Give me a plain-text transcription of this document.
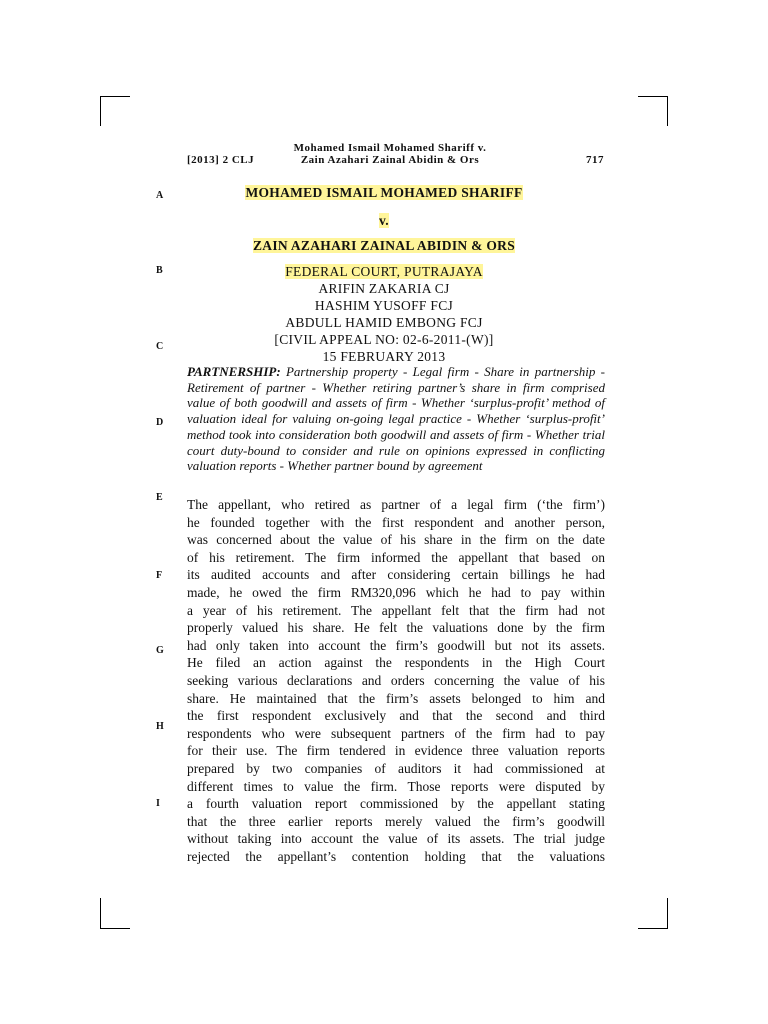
[2013] 2 CLJ
Mohamed Ismail Mohamed Shariff v.
Zain Azahari Zainal Abidin & Ors	717
A
B
C
D
E
F
G
H
I
MOHAMED ISMAIL MOHAMED SHARIFF
v.
ZAIN AZAHARI ZAINAL ABIDIN & ORS
FEDERAL COURT, PUTRAJAYA
ARIFIN ZAKARIA CJ
HASHIM YUSOFF FCJ
ABDULL HAMID EMBONG FCJ
[CIVIL APPEAL NO: 02-6-2011-(W)]
15 FEBRUARY 2013
PARTNERSHIP: Partnership property - Legal firm - Share in partnership - Retirement of partner - Whether retiring partner’s share in firm comprised value of both goodwill and assets of firm - Whether ‘surplus-profit’ method of valuation ideal for valuing on-going legal practice - Whether ‘surplus-profit’ method took into consideration both goodwill and assets of firm - Whether trial court duty-bound to consider and rule on opinions expressed in conflicting valuation reports - Whether partner bound by agreement
The appellant, who retired as partner of a legal firm (‘the firm’)
he founded together with the first respondent and another person,
was concerned about the value of his share in the firm on the date
of his retirement. The firm informed the appellant that based on
its audited accounts and after considering certain billings he had
made, he owed the firm RM320,096 which he had to pay within
a year of his retirement. The appellant felt that the firm had not
properly valued his share. He felt the valuations done by the firm
had only taken into account the firm’s goodwill but not its assets.
He filed an action against the respondents in the High Court
seeking various declarations and orders concerning the value of his
share. He maintained that the firm’s assets belonged to him and
the first respondent exclusively and that the second and third
respondents who were subsequent partners of the firm had to pay
for their use. The firm tendered in evidence three valuation reports
prepared by two companies of auditors it had commissioned at
different times to value the firm. Those reports were disputed by
a fourth valuation report commissioned by the appellant stating
that the three earlier reports merely valued the firm’s goodwill
without taking into account the value of its assets. The trial judge
rejected the appellant’s contention holding that the valuations
